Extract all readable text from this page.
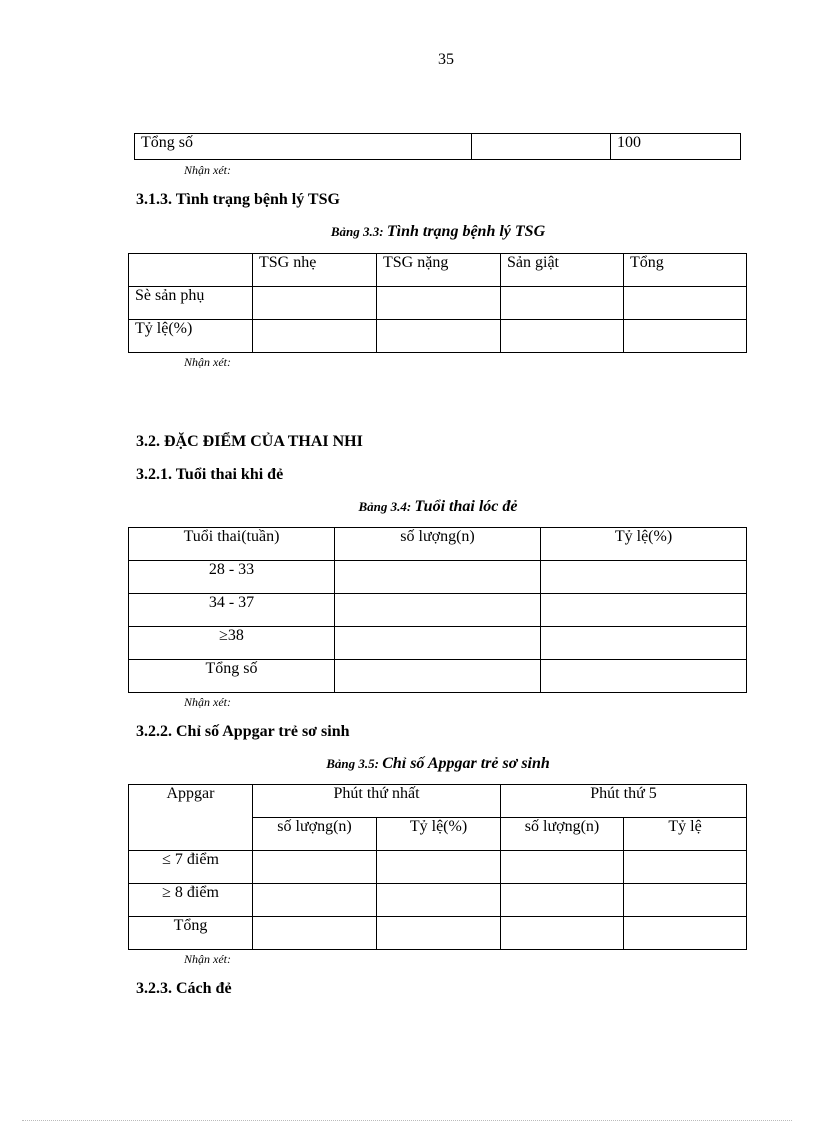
35
Tổng số		100
Nhận xét:
3.1.3. Tình trạng bệnh lý TSG
Bảng 3.3: Tình trạng bệnh lý TSG
	TSG nhẹ	TSG nặng	Sản giật	Tổng
Sè sản phụ				
Tỷ lệ(%)				
Nhận xét:
3.2. ĐẶC ĐIỂM CỦA THAI NHI
3.2.1. Tuổi thai khi đẻ
Bảng 3.4: Tuổi thai lóc đẻ
Tuổi thai(tuần)	số lượng(n)	Tỷ lệ(%)
28 - 33		
34 - 37		
≥38		
Tổng số		
Nhận xét:
3.2.2. Chỉ số Appgar trẻ sơ sinh
Bảng 3.5: Chỉ số Appgar trẻ sơ sinh
Appgar	Phút thứ nhất		Phút thứ 5	
	số lượng(n)	Tỷ lệ(%)	số lượng(n)	Tỷ lệ
≤ 7 điểm				
≥ 8 điểm				
Tổng				
Nhận xét:
3.2.3. Cách đẻ
